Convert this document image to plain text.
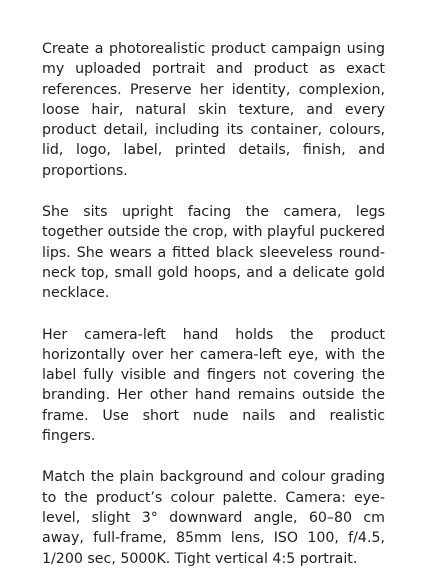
Create a photorealistic product campaign using my uploaded portrait and product as exact references. Preserve her identity, complexion, loose hair, natural skin texture, and every product detail, including its container, colours, lid, logo, label, printed details, finish, and proportions.

She sits upright facing the camera, legs together outside the crop, with playful puckered lips. She wears a fitted black sleeveless round-neck top, small gold hoops, and a delicate gold necklace.

Her camera-left hand holds the product horizontally over her camera-left eye, with the label fully visible and fingers not covering the branding. Her other hand remains outside the frame. Use short nude nails and realistic fingers.

Match the plain background and colour grading to the product’s colour palette. Camera: eye-level, slight 3° downward angle, 60–80 cm away, full-frame, 85mm lens, ISO 100, f/4.5, 1/200 sec, 5000K. Tight vertical 4:5 portrait.
